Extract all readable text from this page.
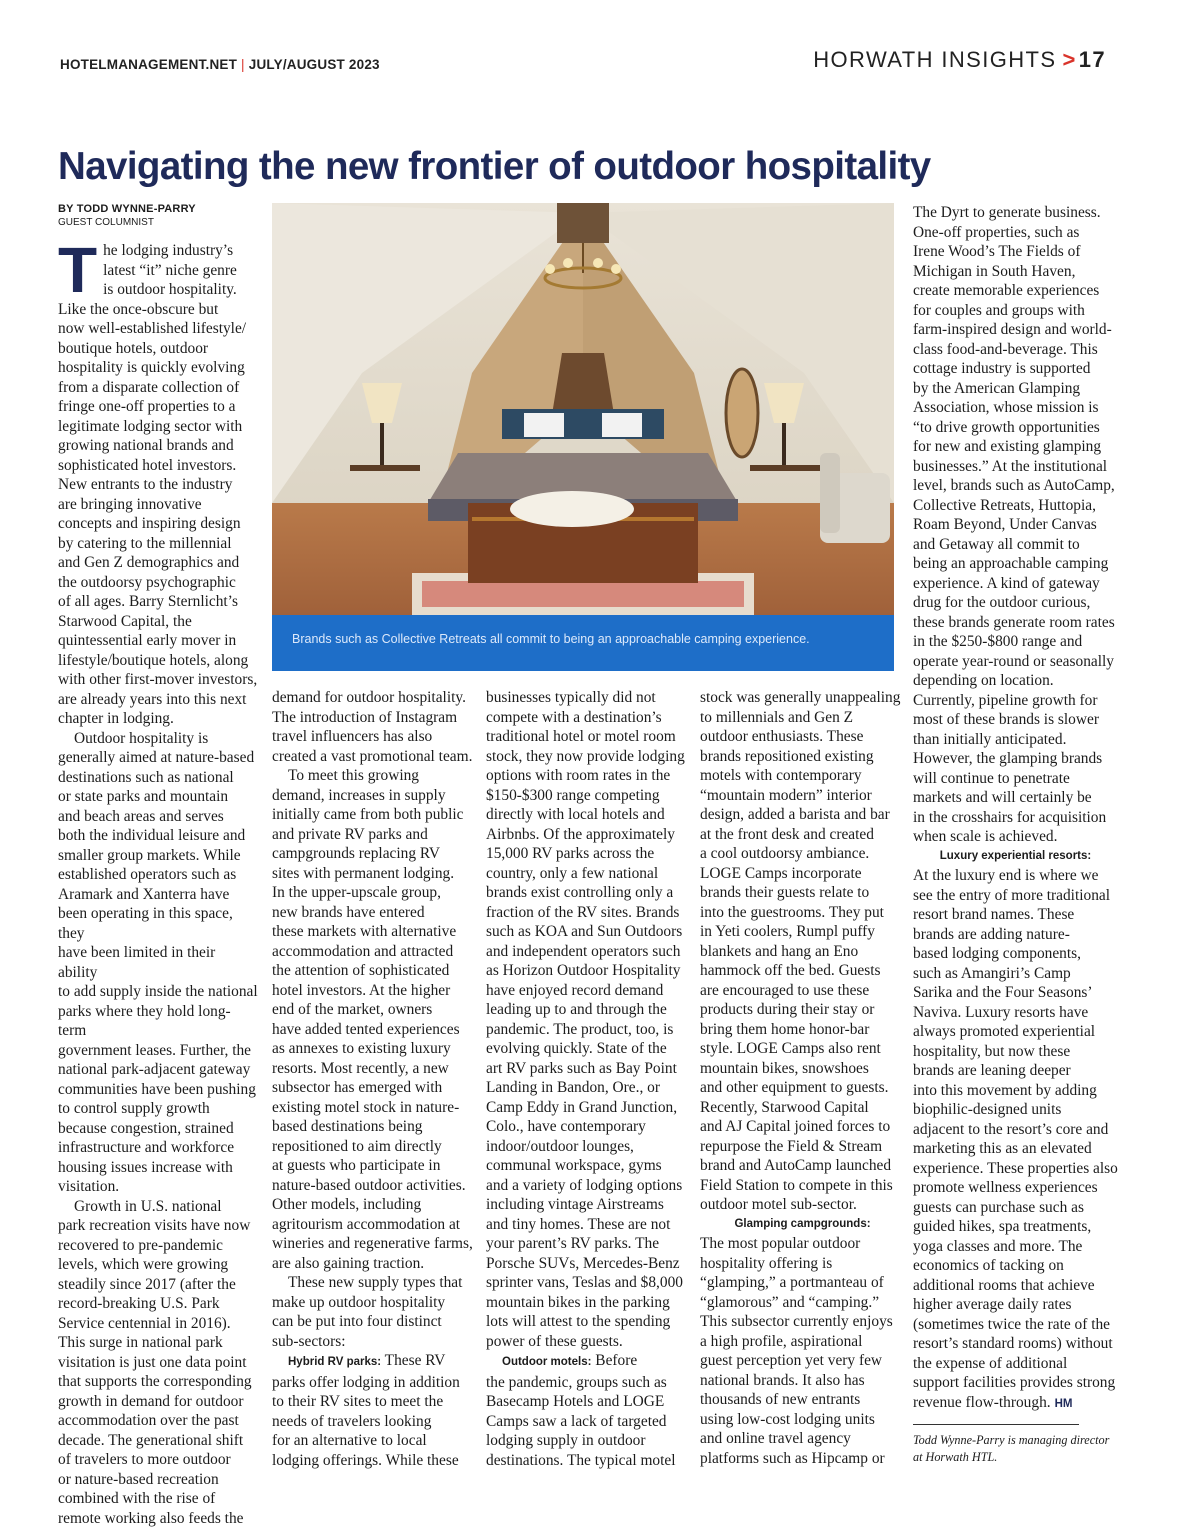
HOTELMANAGEMENT.NET | JULY/AUGUST 2023	HORWATH INSIGHTS >17
Navigating the new frontier of outdoor hospitality
Brands such as Collective Retreats all commit to being an approachable camping experience.
BY TODD WYNNE-PARRY
GUEST COLUMNIST
T he lodging industry’s
latest “it” niche genre
is outdoor hospitality.
Like the once-obscure but
now well-established lifestyle/
boutique hotels, outdoor
hospitality is quickly evolving
from a disparate collection of
fringe one-off properties to a
legitimate lodging sector with
growing national brands and
sophisticated hotel investors.
New entrants to the industry
are bringing innovative
concepts and inspiring design
by catering to the millennial
and Gen Z demographics and
the outdoorsy psychographic
of all ages. Barry Sternlicht’s
Starwood Capital, the
quintessential early mover in
lifestyle/boutique hotels, along
with other first-mover investors,
are already years into this next
chapter in lodging.

Outdoor hospitality is
generally aimed at nature-based
destinations such as national
or state parks and mountain
and beach areas and serves
both the individual leisure and
smaller group markets. While
established operators such as
Aramark and Xanterra have
been operating in this space, they
have been limited in their ability
to add supply inside the national
parks where they hold long-term
government leases. Further, the
national park-adjacent gateway
communities have been pushing
to control supply growth
because congestion, strained
infrastructure and workforce
housing issues increase with
visitation.

Growth in U.S. national
park recreation visits have now
recovered to pre-pandemic
levels, which were growing
steadily since 2017 (after the
record-breaking U.S. Park
Service centennial in 2016).
This surge in national park
visitation is just one data point
that supports the corresponding
growth in demand for outdoor
accommodation over the past
decade. The generational shift
of travelers to more outdoor
or nature-based recreation
combined with the rise of
remote working also feeds the

demand for outdoor hospitality.
The introduction of Instagram
travel influencers has also
created a vast promotional team.

To meet this growing
demand, increases in supply
initially came from both public
and private RV parks and
campgrounds replacing RV
sites with permanent lodging.
In the upper-upscale group,
new brands have entered
these markets with alternative
accommodation and attracted
the attention of sophisticated
hotel investors. At the higher
end of the market, owners
have added tented experiences
as annexes to existing luxury
resorts. Most recently, a new
subsector has emerged with
existing motel stock in nature-
based destinations being
repositioned to aim directly
at guests who participate in
nature-based outdoor activities.
Other models, including
agritourism accommodation at
wineries and regenerative farms,
are also gaining traction.

These new supply types that
make up outdoor hospitality
can be put into four distinct
sub-sectors:

Hybrid RV parks: These RV
parks offer lodging in addition
to their RV sites to meet the
needs of travelers looking
for an alternative to local
lodging offerings. While these

businesses typically did not
compete with a destination’s
traditional hotel or motel room
stock, they now provide lodging
options with room rates in the
$150-$300 range competing
directly with local hotels and
Airbnbs. Of the approximately
15,000 RV parks across the
country, only a few national
brands exist controlling only a
fraction of the RV sites. Brands
such as KOA and Sun Outdoors
and independent operators such
as Horizon Outdoor Hospitality
have enjoyed record demand
leading up to and through the
pandemic. The product, too, is
evolving quickly. State of the
art RV parks such as Bay Point
Landing in Bandon, Ore., or
Camp Eddy in Grand Junction,
Colo., have contemporary
indoor/outdoor lounges,
communal workspace, gyms
and a variety of lodging options
including vintage Airstreams
and tiny homes. These are not
your parent’s RV parks. The
Porsche SUVs, Mercedes-Benz
sprinter vans, Teslas and $8,000
mountain bikes in the parking
lots will attest to the spending
power of these guests.

Outdoor motels: Before
the pandemic, groups such as
Basecamp Hotels and LOGE
Camps saw a lack of targeted
lodging supply in outdoor
destinations. The typical motel

stock was generally unappealing
to millennials and Gen Z
outdoor enthusiasts. These
brands repositioned existing
motels with contemporary
“mountain modern” interior
design, added a barista and bar
at the front desk and created
a cool outdoorsy ambiance.
LOGE Camps incorporate
brands their guests relate to
into the guestrooms. They put
in Yeti coolers, Rumpl puffy
blankets and hang an Eno
hammock off the bed. Guests
are encouraged to use these
products during their stay or
bring them home honor-bar
style. LOGE Camps also rent
mountain bikes, snowshoes
and other equipment to guests.
Recently, Starwood Capital
and AJ Capital joined forces to
repurpose the Field & Stream
brand and AutoCamp launched
Field Station to compete in this
outdoor motel sub-sector.

Glamping campgrounds:

The most popular outdoor
hospitality offering is
“glamping,” a portmanteau of
“glamorous” and “camping.”
This subsector currently enjoys
a high profile, aspirational
guest perception yet very few
national brands. It also has
thousands of new entrants
using low-cost lodging units
and online travel agency
platforms such as Hipcamp or

The Dyrt to generate business.
One-off properties, such as
Irene Wood’s The Fields of
Michigan in South Haven,
create memorable experiences
for couples and groups with
farm-inspired design and world-
class food-and-beverage. This
cottage industry is supported
by the American Glamping
Association, whose mission is
“to drive growth opportunities
for new and existing glamping
businesses.” At the institutional
level, brands such as AutoCamp,
Collective Retreats, Huttopia,
Roam Beyond, Under Canvas
and Getaway all commit to
being an approachable camping
experience. A kind of gateway
drug for the outdoor curious,
these brands generate room rates
in the $250-$800 range and
operate year-round or seasonally
depending on location.
Currently, pipeline growth for
most of these brands is slower
than initially anticipated.
However, the glamping brands
will continue to penetrate
markets and will certainly be
in the crosshairs for acquisition
when scale is achieved.

Luxury experiential resorts:

At the luxury end is where we
see the entry of more traditional
resort brand names. These
brands are adding nature-
based lodging components,
such as Amangiri’s Camp
Sarika and the Four Seasons’
Naviva. Luxury resorts have
always promoted experiential
hospitality, but now these
brands are leaning deeper
into this movement by adding
biophilic-designed units
adjacent to the resort’s core and
marketing this as an elevated
experience. These properties also
promote wellness experiences
guests can purchase such as
guided hikes, spa treatments,
yoga classes and more. The
economics of tacking on
additional rooms that achieve
higher average daily rates
(sometimes twice the rate of the
resort’s standard rooms) without
the expense of additional
support facilities provides strong
revenue flow-through. HM

Todd Wynne-Parry is managing director
at Horwath HTL.
